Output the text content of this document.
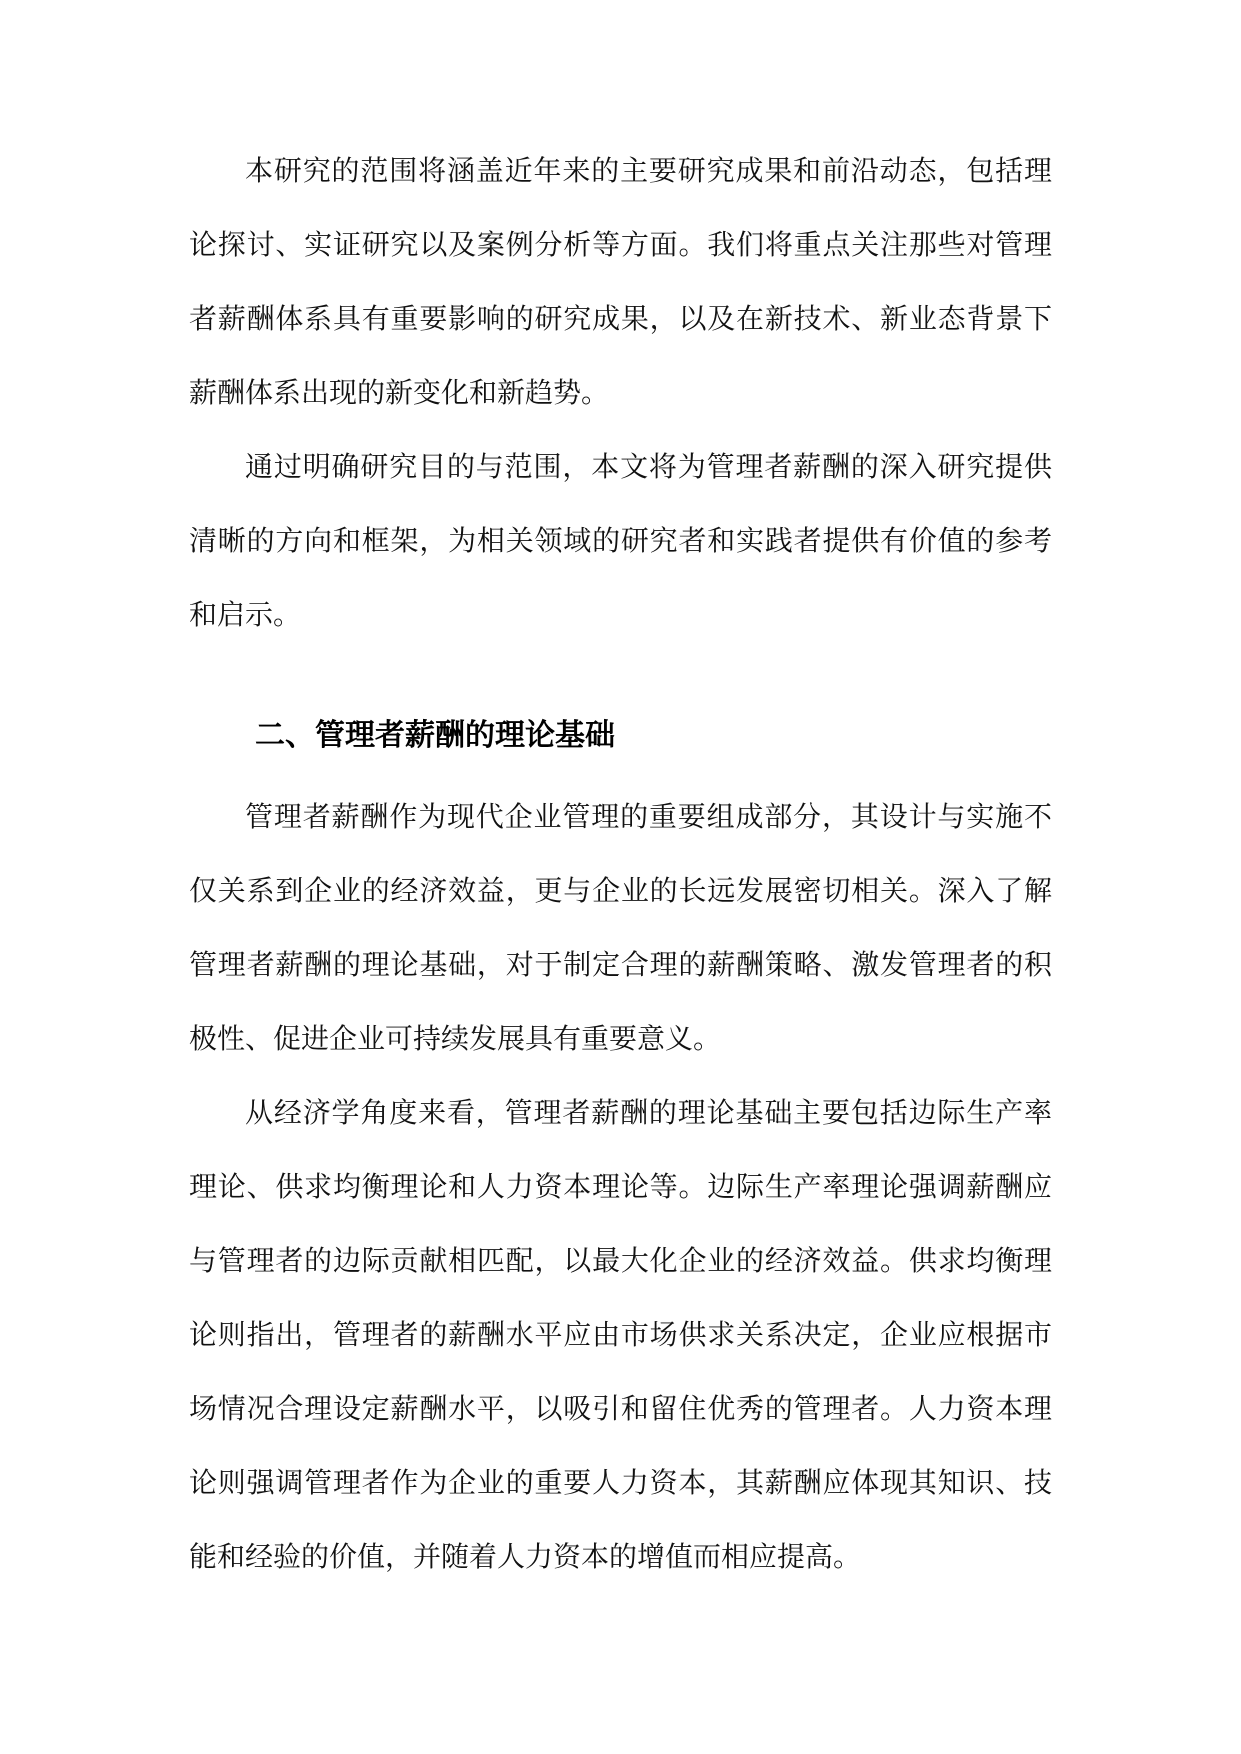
本研究的范围将涵盖近年来的主要研究成果和前沿动态，包括理论探讨、实证研究以及案例分析等方面。我们将重点关注那些对管理者薪酬体系具有重要影响的研究成果，以及在新技术、新业态背景下薪酬体系出现的新变化和新趋势。

通过明确研究目的与范围，本文将为管理者薪酬的深入研究提供清晰的方向和框架，为相关领域的研究者和实践者提供有价值的参考和启示。

二、管理者薪酬的理论基础

管理者薪酬作为现代企业管理的重要组成部分，其设计与实施不仅关系到企业的经济效益，更与企业的长远发展密切相关。深入了解管理者薪酬的理论基础，对于制定合理的薪酬策略、激发管理者的积极性、促进企业可持续发展具有重要意义。

从经济学角度来看，管理者薪酬的理论基础主要包括边际生产率理论、供求均衡理论和人力资本理论等。边际生产率理论强调薪酬应与管理者的边际贡献相匹配，以最大化企业的经济效益。供求均衡理论则指出，管理者的薪酬水平应由市场供求关系决定，企业应根据市场情况合理设定薪酬水平，以吸引和留住优秀的管理者。人力资本理论则强调管理者作为企业的重要人力资本，其薪酬应体现其知识、技能和经验的价值，并随着人力资本的增值而相应提高。
